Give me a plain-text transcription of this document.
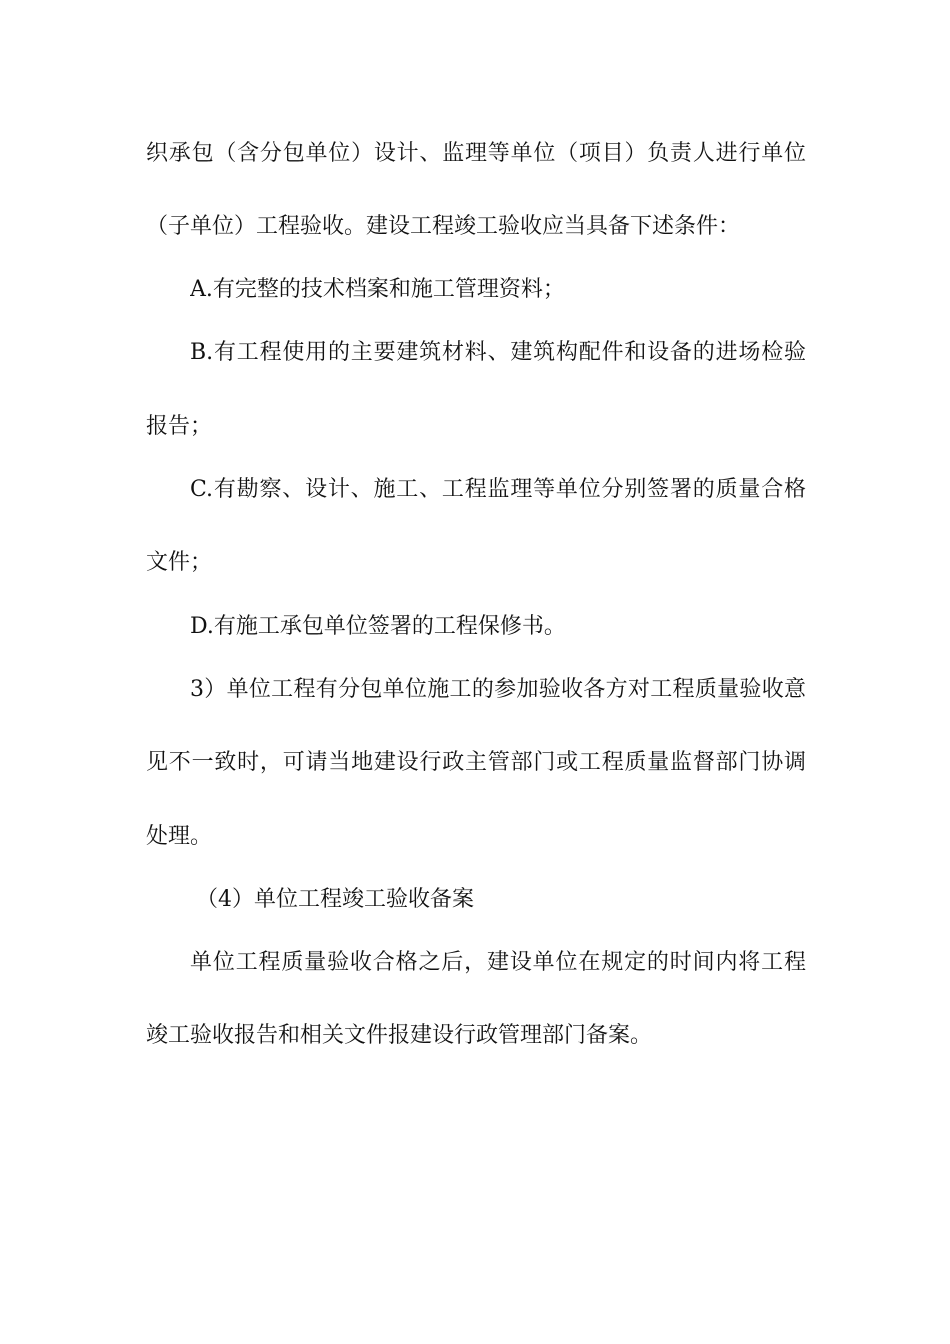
织承包（含分包单位）设计、监理等单位（项目）负责人进行单位
（子单位）工程验收。建设工程竣工验收应当具备下述条件：
A.有完整的技术档案和施工管理资料；
B.有工程使用的主要建筑材料、建筑构配件和设备的进场检验
报告；
C.有勘察、设计、施工、工程监理等单位分别签署的质量合格
文件；
D.有施工承包单位签署的工程保修书。
3）单位工程有分包单位施工的参加验收各方对工程质量验收意
见不一致时，可请当地建设行政主管部门或工程质量监督部门协调
处理。
（4）单位工程竣工验收备案
单位工程质量验收合格之后，建设单位在规定的时间内将工程
竣工验收报告和相关文件报建设行政管理部门备案。
